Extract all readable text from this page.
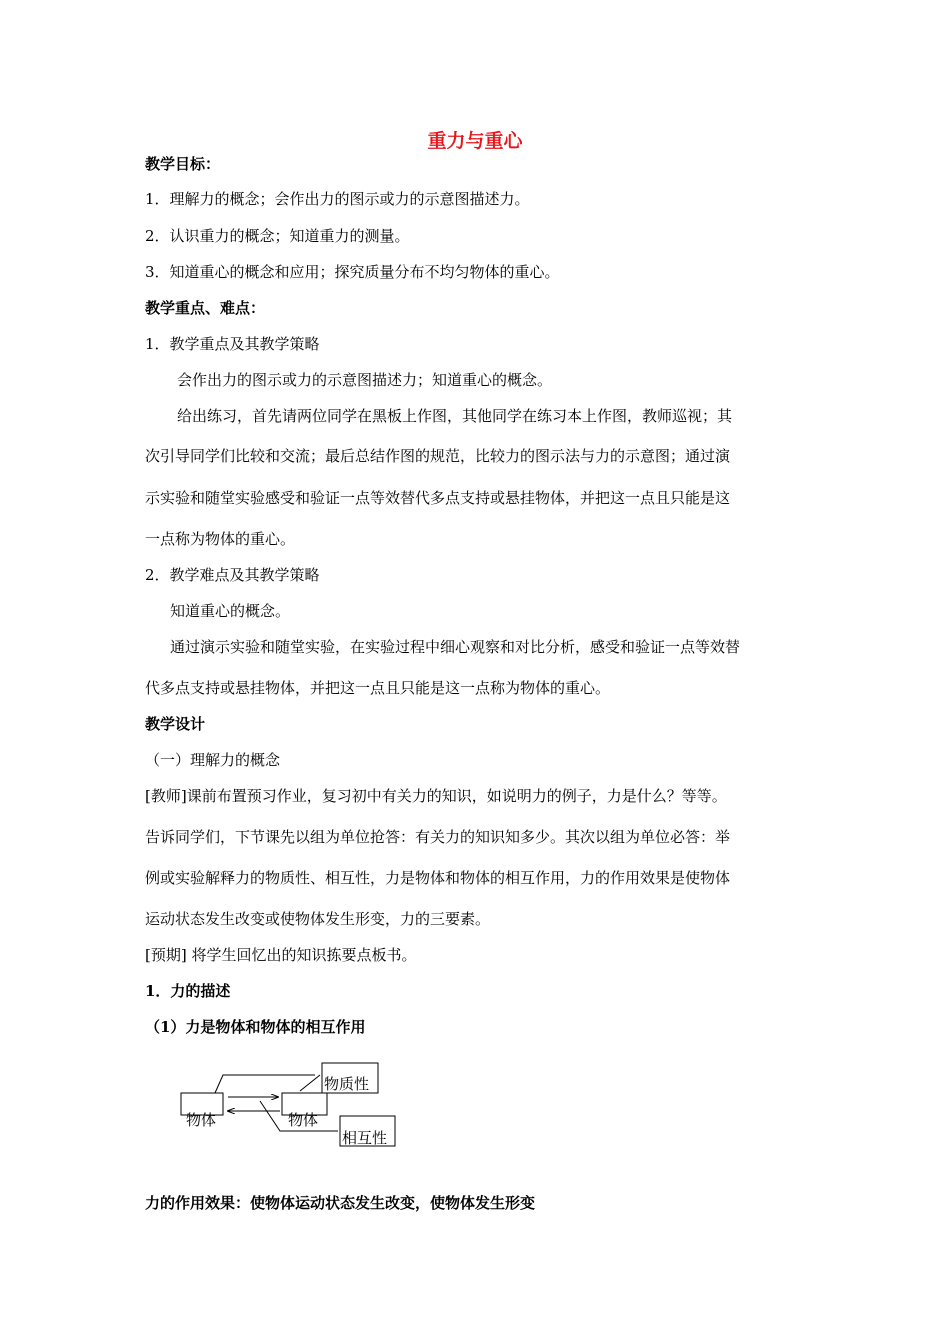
重力与重心
教学目标：
1．理解力的概念；会作出力的图示或力的示意图描述力。
2．认识重力的概念；知道重力的测量。
3．知道重心的概念和应用；探究质量分布不均匀物体的重心。
教学重点、难点：
1．教学重点及其教学策略
会作出力的图示或力的示意图描述力；知道重心的概念。
给出练习，首先请两位同学在黑板上作图，其他同学在练习本上作图，教师巡视；其
次引导同学们比较和交流；最后总结作图的规范，比较力的图示法与力的示意图；通过演
示实验和随堂实验感受和验证一点等效替代多点支持或悬挂物体，并把这一点且只能是这
一点称为物体的重心。
2．教学难点及其教学策略
知道重心的概念。
通过演示实验和随堂实验，在实验过程中细心观察和对比分析，感受和验证一点等效替
代多点支持或悬挂物体，并把这一点且只能是这一点称为物体的重心。
教学设计
（一）理解力的概念
[教师]课前布置预习作业，复习初中有关力的知识，如说明力的例子，力是什么？等等。
告诉同学们，下节课先以组为单位抢答：有关力的知识知多少。其次以组为单位必答：举
例或实验解释力的物质性、相互性，力是物体和物体的相互作用，力的作用效果是使物体
运动状态发生改变或使物体发生形变，力的三要素。
[预期] 将学生回忆出的知识拣要点板书。
1．力的描述
（1）力是物体和物体的相互作用
物体	物体
物质性
相互性
力的作用效果：使物体运动状态发生改变，使物体发生形变
